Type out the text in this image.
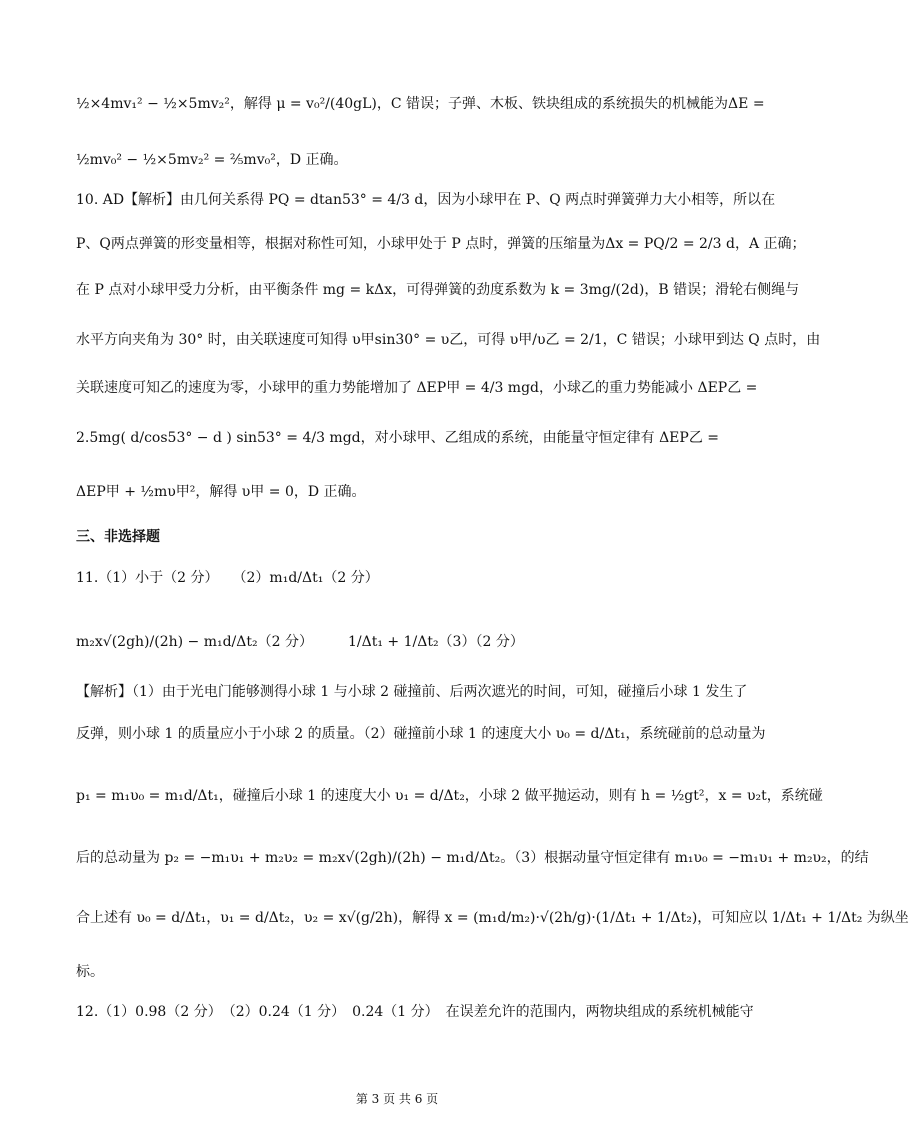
½×4mv₁² − ½×5mv₂²，解得 μ = v₀²/(40gL)，C 错误；子弹、木板、铁块组成的系统损失的机械能为ΔE =
½mv₀² − ½×5mv₂² = ⅖mv₀²，D 正确。
10. AD【解析】由几何关系得 PQ = dtan53° = 4/3 d，因为小球甲在 P、Q 两点时弹簧弹力大小相等，所以在
P、Q两点弹簧的形变量相等，根据对称性可知，小球甲处于 P 点时，弹簧的压缩量为Δx = PQ/2 = 2/3 d，A 正确；
在 P 点对小球甲受力分析，由平衡条件 mg = kΔx，可得弹簧的劲度系数为 k = 3mg/(2d)，B 错误；滑轮右侧绳与
水平方向夹角为 30° 时，由关联速度可知得 υ甲sin30° = υ乙，可得 υ甲/υ乙 = 2/1，C 错误；小球甲到达 Q 点时，由
关联速度可知乙的速度为零，小球甲的重力势能增加了 ΔEP甲 = 4/3 mgd，小球乙的重力势能减小 ΔEP乙 =
2.5mg( d/cos53° − d ) sin53° = 4/3 mgd，对小球甲、乙组成的系统，由能量守恒定律有 ΔEP乙 =
ΔEP甲 + ½mυ甲²，解得 υ甲 = 0，D 正确。
三、非选择题
11.（1）小于（2 分）　　（2）m₁d/Δt₁（2 分）
m₂x√(2gh)/(2h) − m₁d/Δt₂（2 分）　　　1/Δt₁ + 1/Δt₂（3）（2 分）
【解析】（1）由于光电门能够测得小球 1 与小球 2 碰撞前、后两次遮光的时间，可知，碰撞后小球 1 发生了
反弹，则小球 1 的质量应小于小球 2 的质量。（2）碰撞前小球 1 的速度大小 υ₀ = d/Δt₁，系统碰前的总动量为
p₁ = m₁υ₀ = m₁d/Δt₁，碰撞后小球 1 的速度大小 υ₁ = d/Δt₂，小球 2 做平抛运动，则有 h = ½gt²，x = υ₂t，系统碰
后的总动量为 p₂ = −m₁υ₁ + m₂υ₂ = m₂x√(2gh)/(2h) − m₁d/Δt₂。（3）根据动量守恒定律有 m₁υ₀ = −m₁υ₁ + m₂υ₂，的结
合上述有 υ₀ = d/Δt₁，υ₁ = d/Δt₂，υ₂ = x√(g/2h)，解得 x = (m₁d/m₂)·√(2h/g)·(1/Δt₁ + 1/Δt₂)，可知应以 1/Δt₁ + 1/Δt₂ 为纵坐
标。
12.（1）0.98（2 分）　（2）0.24（1 分）　0.24（1 分）　在误差允许的范围内，两物块组成的系统机械能守
第 3 页 共 6 页
